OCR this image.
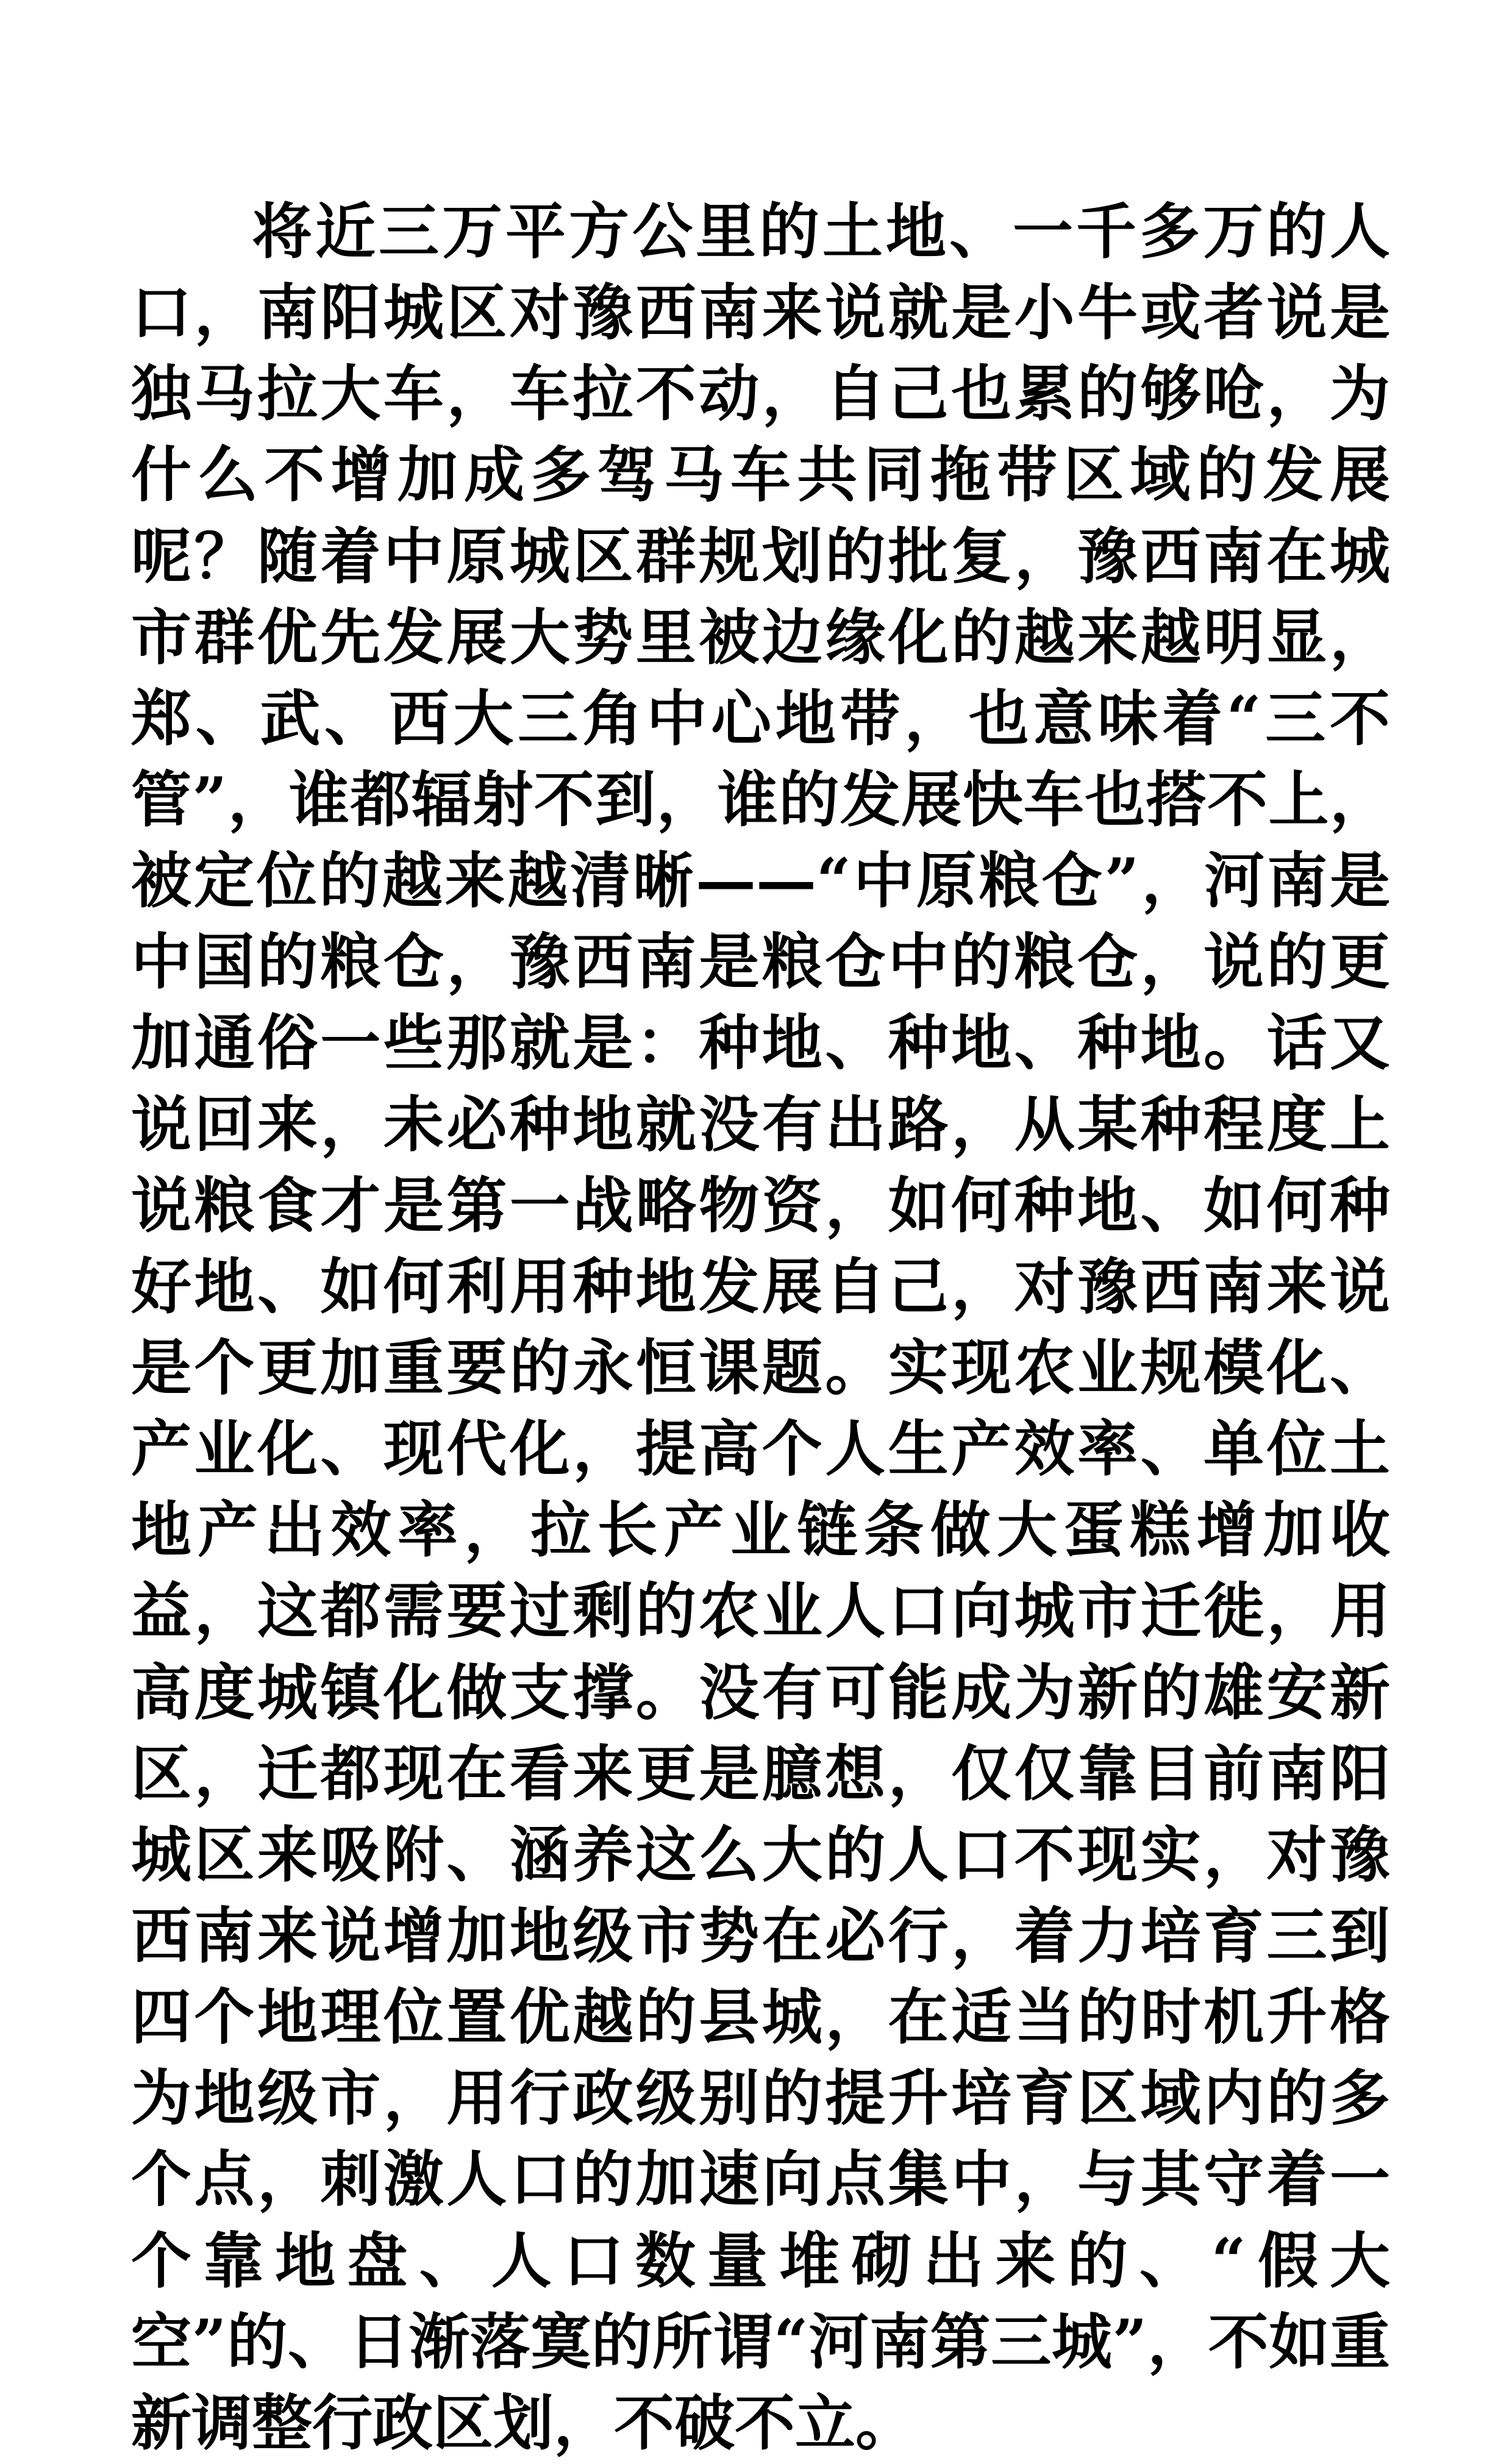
将近三万平方公里的土地、一千多万的人口，南阳城区对豫西南来说就是小牛或者说是独马拉大车，车拉不动，自己也累的够呛，为什么不增加成多驾马车共同拖带区域的发展呢？随着中原城区群规划的批复，豫西南在城市群优先发展大势里被边缘化的越来越明显，郑、武、西大三角中心地带，也意味着“三不管”，谁都辐射不到，谁的发展快车也搭不上，被定位的越来越清晰——“中原粮仓”，河南是中国的粮仓，豫西南是粮仓中的粮仓，说的更加通俗一些那就是：种地、种地、种地。话又说回来，未必种地就没有出路，从某种程度上说粮食才是第一战略物资，如何种地、如何种好地、如何利用种地发展自己，对豫西南来说是个更加重要的永恒课题。实现农业规模化、产业化、现代化，提高个人生产效率、单位土地产出效率，拉长产业链条做大蛋糕增加收益，这都需要过剩的农业人口向城市迁徙，用高度城镇化做支撑。没有可能成为新的雄安新区，迁都现在看来更是臆想，仅仅靠目前南阳城区来吸附、涵养这么大的人口不现实，对豫西南来说增加地级市势在必行，着力培育三到四个地理位置优越的县城，在适当的时机升格为地级市，用行政级别的提升培育区域内的多个点，刺激人口的加速向点集中，与其守着一个靠地盘、人口数量堆砌出来的、“假大空”的、日渐落寞的所谓“河南第三城”，不如重新调整行政区划，不破不立。
